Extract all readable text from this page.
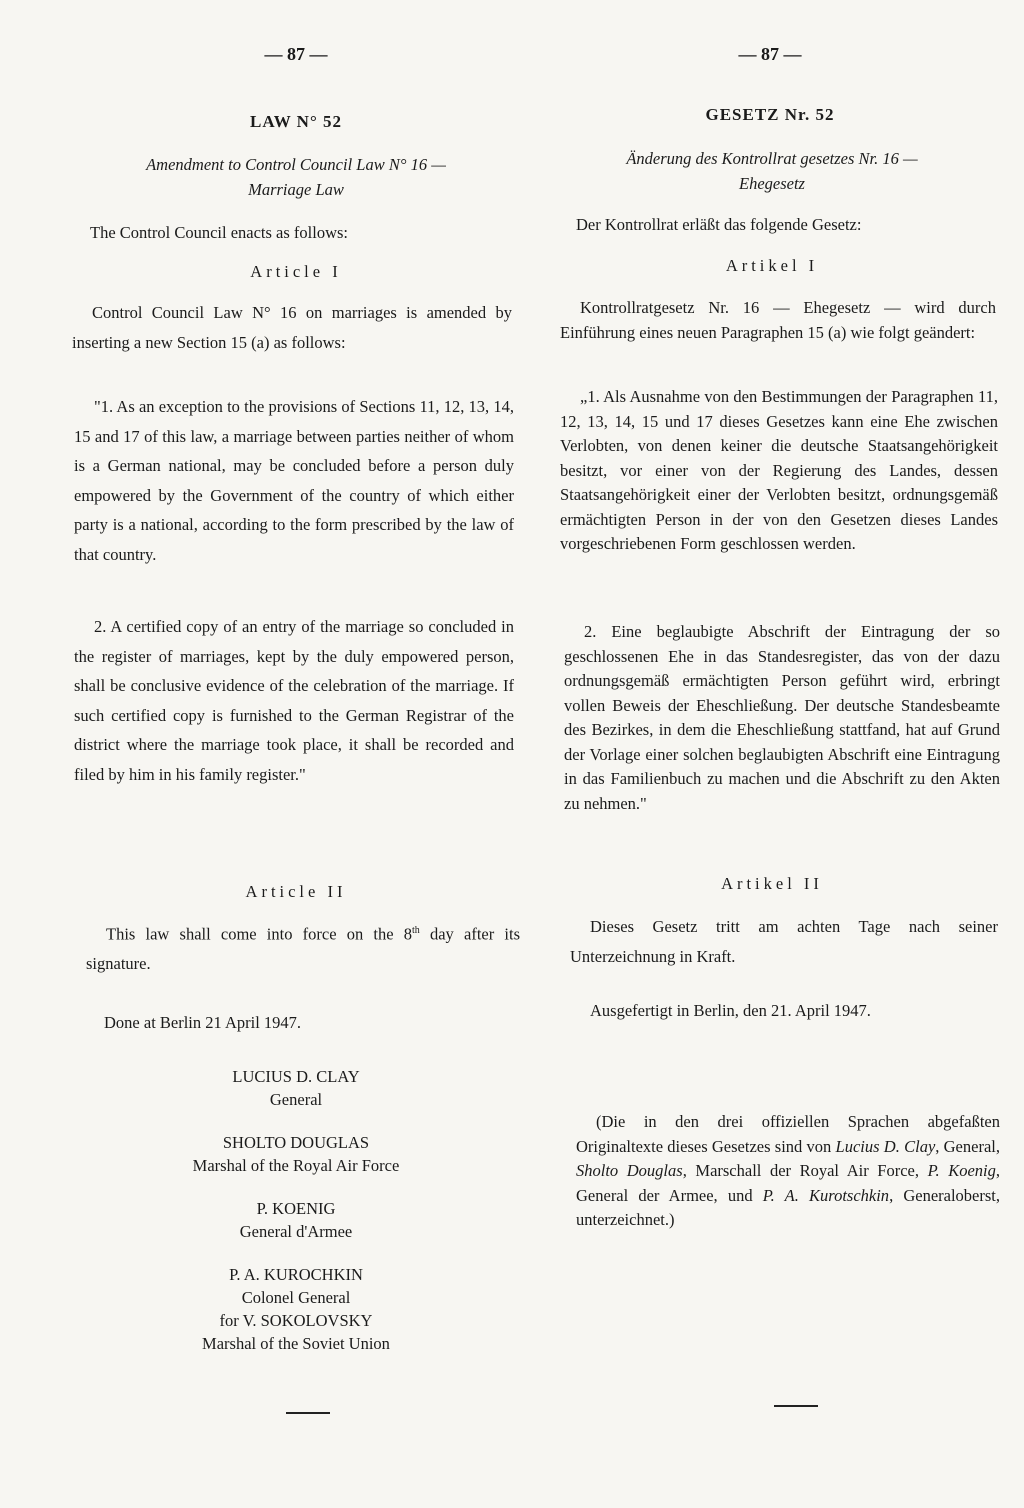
— 87 —
LAW N° 52
Amendment to Control Council Law N° 16 —
Marriage Law
The Control Council enacts as follows:
Article I
Control Council Law N° 16 on marriages is amended by inserting a new Section 15 (a) as follows:
"1. As an exception to the provisions of Sections 11, 12, 13, 14, 15 and 17 of this law, a marriage between parties neither of whom is a German national, may be concluded before a person duly empowered by the Government of the country of which either party is a national, according to the form prescribed by the law of that country.
2. A certified copy of an entry of the marriage so concluded in the register of marriages, kept by the duly empowered person, shall be conclusive evidence of the celebration of the marriage. If such certified copy is furnished to the German Registrar of the district where the marriage took place, it shall be recorded and filed by him in his family register."
Article II
This law shall come into force on the 8th day after its signature.
Done at Berlin 21 April 1947.
LUCIUS D. CLAY
General
SHOLTO DOUGLAS
Marshal of the Royal Air Force
P. KOENIG
General d'Armee
P. A. KUROCHKIN
Colonel General
for V. SOKOLOVSKY
Marshal of the Soviet Union
— 87 —
GESETZ Nr. 52
Änderung des Kontrollrat gesetzes Nr. 16 —
Ehegesetz
Der Kontrollrat erläßt das folgende Gesetz:
Artikel I
Kontrollratgesetz Nr. 16 — Ehegesetz — wird durch Einführung eines neuen Paragraphen 15 (a) wie folgt geändert:
„1. Als Ausnahme von den Bestimmungen der Paragraphen 11, 12, 13, 14, 15 und 17 dieses Gesetzes kann eine Ehe zwischen Verlobten, von denen keiner die deutsche Staatsangehörigkeit besitzt, vor einer von der Regierung des Landes, dessen Staatsangehörigkeit einer der Verlobten besitzt, ordnungsgemäß ermächtigten Person in der von den Gesetzen dieses Landes vorgeschriebenen Form geschlossen werden.
2. Eine beglaubigte Abschrift der Eintragung der so geschlossenen Ehe in das Standesregister, das von der dazu ordnungsgemäß ermächtigten Person geführt wird, erbringt vollen Beweis der Eheschließung. Der deutsche Standesbeamte des Bezirkes, in dem die Eheschließung stattfand, hat auf Grund der Vorlage einer solchen beglaubigten Abschrift eine Eintragung in das Familienbuch zu machen und die Abschrift zu den Akten zu nehmen."
Artikel II
Dieses Gesetz tritt am achten Tage nach seiner Unterzeichnung in Kraft.
Ausgefertigt in Berlin, den 21. April 1947.
(Die in den drei offiziellen Sprachen abgefaßten Originaltexte dieses Gesetzes sind von Lucius D. Clay, General, Sholto Douglas, Marschall der Royal Air Force, P. Koenig, General der Armee, und P. A. Kurotschkin, Generaloberst, unterzeichnet.)
